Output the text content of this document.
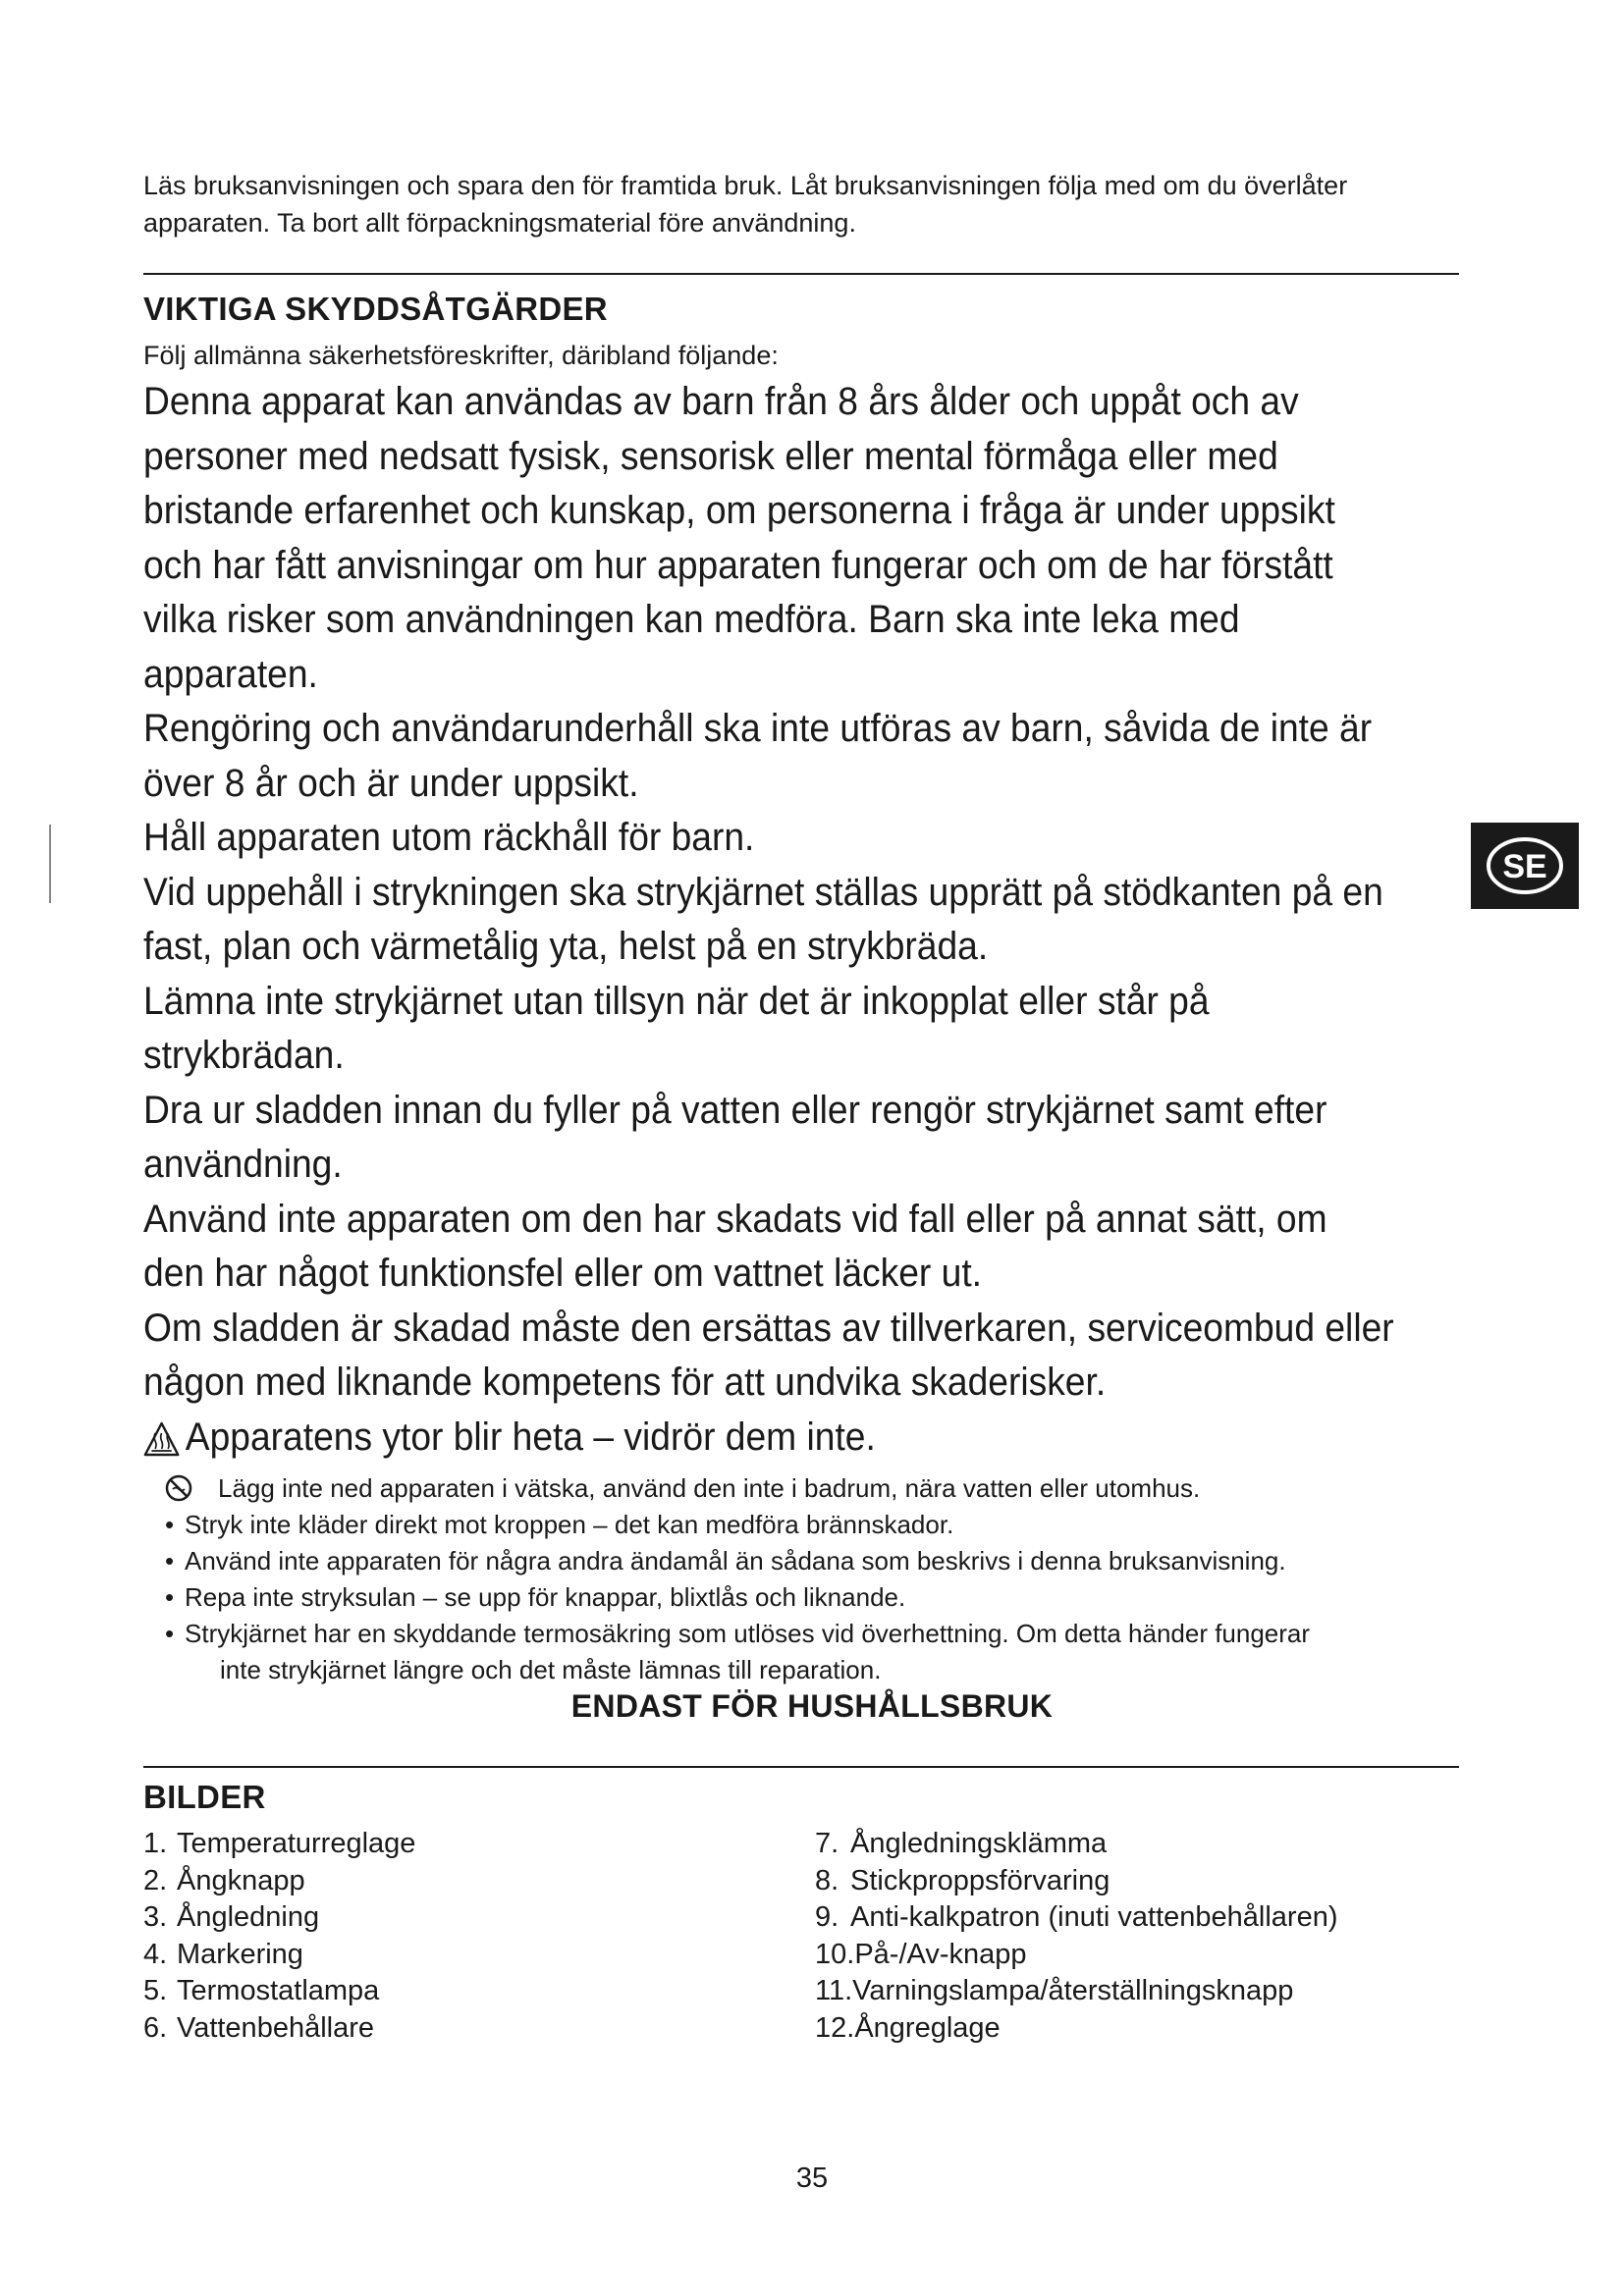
Läs bruksanvisningen och spara den för framtida bruk. Låt bruksanvisningen följa med om du överlåter
apparaten. Ta bort allt förpackningsmaterial före användning.

VIKTIGA SKYDDSÅTGÄRDER

Följ allmänna säkerhetsföreskrifter, däribland följande:

Denna apparat kan användas av barn från 8 års ålder och uppåt och av personer med nedsatt fysisk, sensorisk eller mental förmåga eller med bristande erfarenhet och kunskap, om personerna i fråga är under uppsikt och har fått anvisningar om hur apparaten fungerar och om de har förstått vilka risker som användningen kan medföra. Barn ska inte leka med apparaten.

Rengöring och användarunderhåll ska inte utföras av barn, såvida de inte är över 8 år och är under uppsikt.

Håll apparaten utom räckhåll för barn.

Vid uppehåll i strykningen ska strykjärnet ställas upprätt på stödkanten på en fast, plan och värmetålig yta, helst på en strykbräda.

Lämna inte strykjärnet utan tillsyn när det är inkopplat eller står på strykbrädan.

Dra ur sladden innan du fyller på vatten eller rengör strykjärnet samt efter användning.

Använd inte apparaten om den har skadats vid fall eller på annat sätt, om den har något funktionsfel eller om vattnet läcker ut.

Om sladden är skadad måste den ersättas av tillverkaren, serviceombud eller någon med liknande kompetens för att undvika skaderisker.

Apparatens ytor blir heta – vidrör dem inte.

Lägg inte ned apparaten i vätska, använd den inte i badrum, nära vatten eller utomhus.
• Stryk inte kläder direkt mot kroppen – det kan medföra brännskador.
• Använd inte apparaten för några andra ändamål än sådana som beskrivs i denna bruksanvisning.
• Repa inte stryksulan – se upp för knappar, blixtlås och liknande.
• Strykjärnet har en skyddande termosäkring som utlöses vid överhettning. Om detta händer fungerar
inte strykjärnet längre och det måste lämnas till reparation.

ENDAST FÖR HUSHÅLLSBRUK

BILDER
1. Temperaturreglage
2. Ångknapp
3. Ångledning
4. Markering
5. Termostatlampa
6. Vattenbehållare
7. Ångledningsklämma
8. Stickproppsförvaring
9. Anti-kalkpatron (inuti vattenbehållaren)
10.På-/Av-knapp
11.Varningslampa/återställningsknapp
12.Ångreglage
SE

35
